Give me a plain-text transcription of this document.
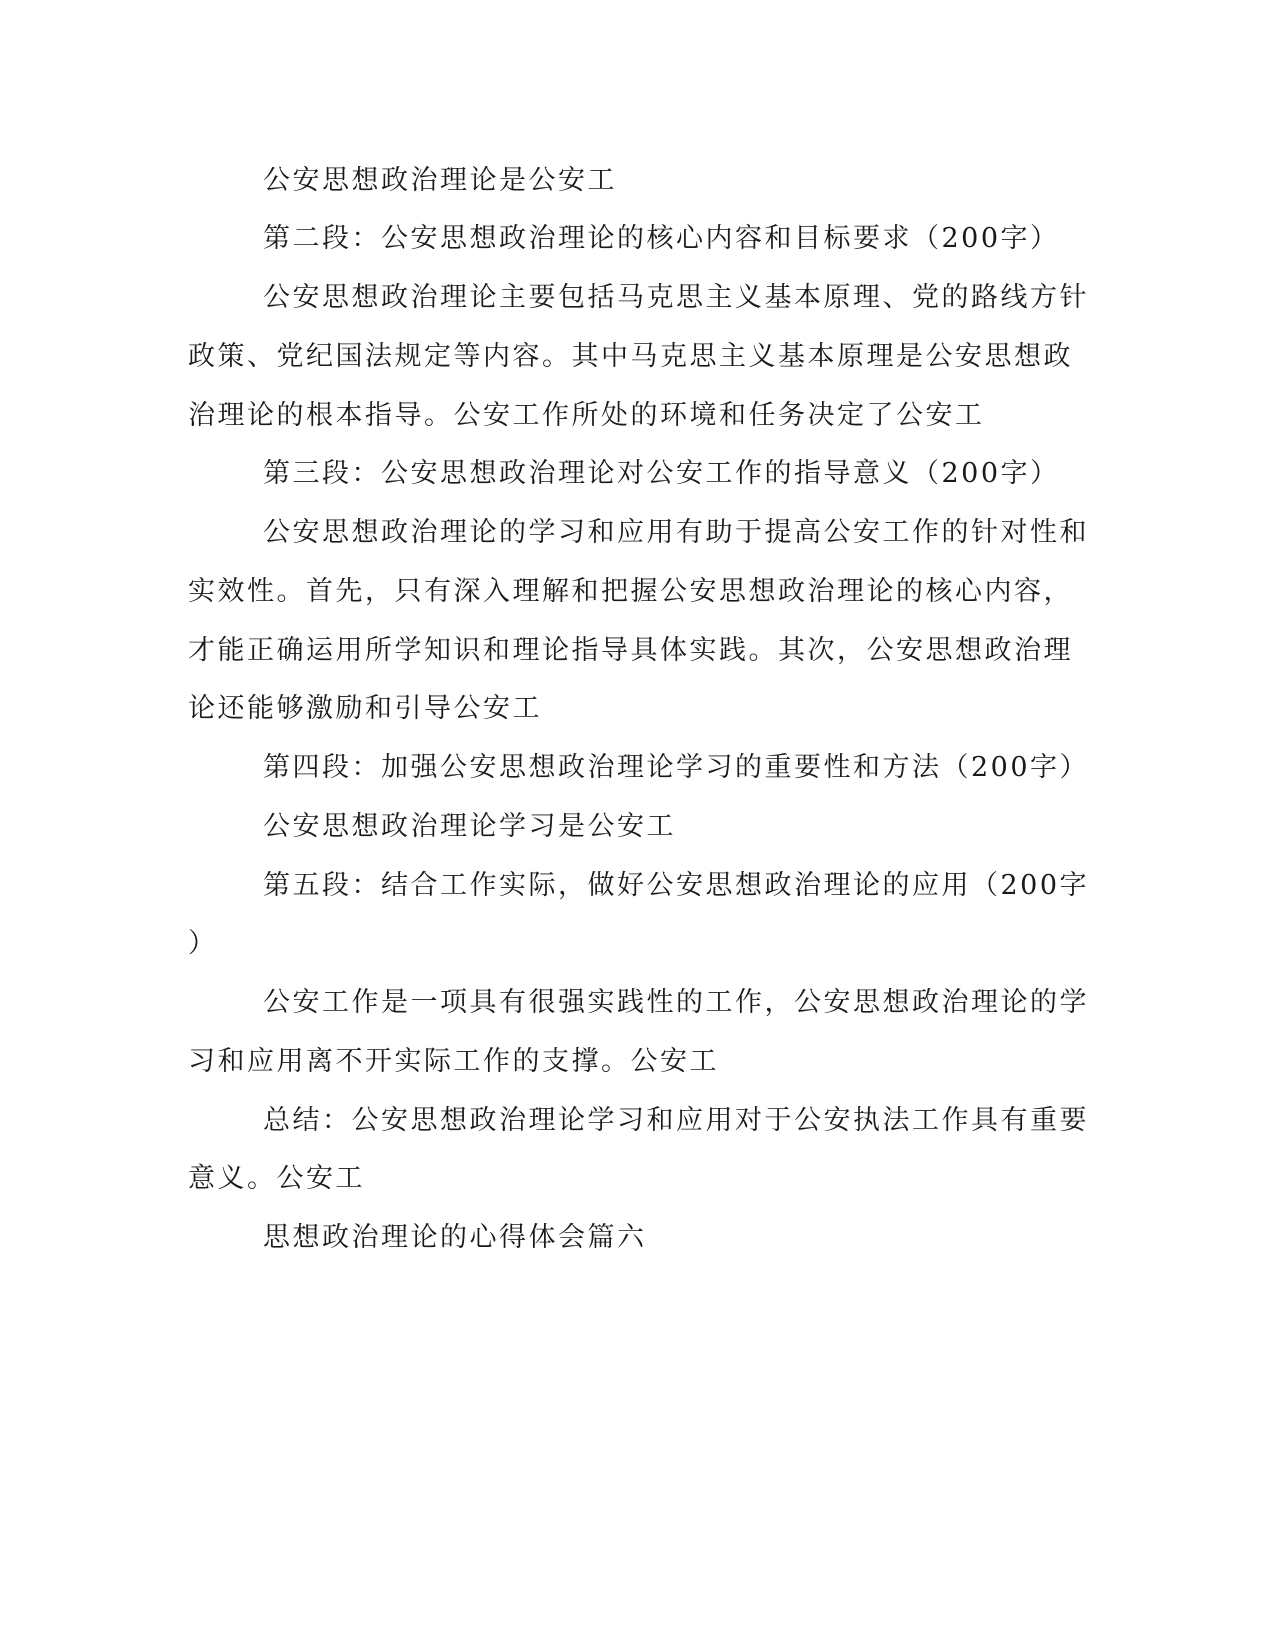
公安思想政治理论是公安工
第二段：公安思想政治理论的核心内容和目标要求（200字）
公安思想政治理论主要包括马克思主义基本原理、党的路线方针
政策、党纪国法规定等内容。其中马克思主义基本原理是公安思想政
治理论的根本指导。公安工作所处的环境和任务决定了公安工
第三段：公安思想政治理论对公安工作的指导意义（200字）
公安思想政治理论的学习和应用有助于提高公安工作的针对性和
实效性。首先，只有深入理解和把握公安思想政治理论的核心内容，
才能正确运用所学知识和理论指导具体实践。其次，公安思想政治理
论还能够激励和引导公安工
第四段：加强公安思想政治理论学习的重要性和方法（200字）
公安思想政治理论学习是公安工
第五段：结合工作实际，做好公安思想政治理论的应用（200字
）
公安工作是一项具有很强实践性的工作，公安思想政治理论的学
习和应用离不开实际工作的支撑。公安工
总结：公安思想政治理论学习和应用对于公安执法工作具有重要
意义。公安工
思想政治理论的心得体会篇六
